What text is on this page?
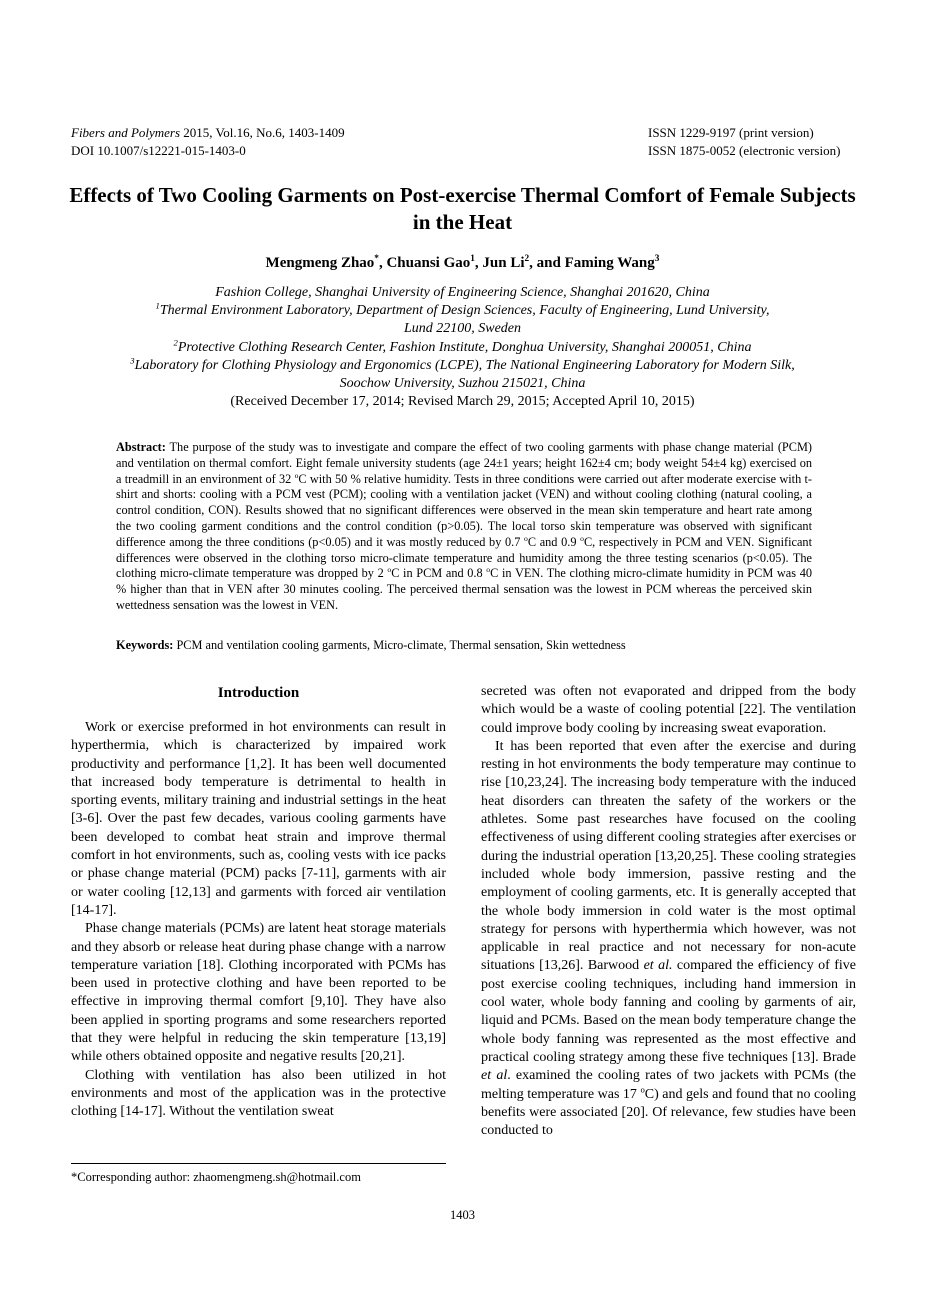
Fibers and Polymers 2015, Vol.16, No.6, 1403-1409
DOI 10.1007/s12221-015-1403-0
ISSN 1229-9197 (print version)
ISSN 1875-0052 (electronic version)
Effects of Two Cooling Garments on Post-exercise Thermal Comfort of Female Subjects in the Heat
Mengmeng Zhao*, Chuansi Gao$^1$, Jun Li$^2$, and Faming Wang$^3$
Fashion College, Shanghai University of Engineering Science, Shanghai 201620, China
$^1$Thermal Environment Laboratory, Department of Design Sciences, Faculty of Engineering, Lund University,
Lund 22100, Sweden
$^2$Protective Clothing Research Center, Fashion Institute, Donghua University, Shanghai 200051, China
$^3$Laboratory for Clothing Physiology and Ergonomics (LCPE), The National Engineering Laboratory for Modern Silk,
Soochow University, Suzhou 215021, China
(Received December 17, 2014; Revised March 29, 2015; Accepted April 10, 2015)
Abstract: The purpose of the study was to investigate and compare the effect of two cooling garments with phase change material (PCM) and ventilation on thermal comfort. Eight female university students (age 24±1 years; height 162±4 cm; body weight 54±4 kg) exercised on a treadmill in an environment of 32 $^o$C with 50 % relative humidity. Tests in three conditions were carried out after moderate exercise with t-shirt and shorts: cooling with a PCM vest (PCM); cooling with a ventilation jacket (VEN) and without cooling clothing (natural cooling, a control condition, CON). Results showed that no significant differences were observed in the mean skin temperature and heart rate among the two cooling garment conditions and the control condition (p>0.05). The local torso skin temperature was observed with significant difference among the three conditions (p<0.05) and it was mostly reduced by 0.7 $^o$C and 0.9 $^o$C, respectively in PCM and VEN. Significant differences were observed in the clothing torso micro-climate temperature and humidity among the three testing scenarios (p<0.05). The clothing micro-climate temperature was dropped by 2 $^o$C in PCM and 0.8 $^o$C in VEN. The clothing micro-climate humidity in PCM was 40 % higher than that in VEN after 30 minutes cooling. The perceived thermal sensation was the lowest in PCM whereas the perceived skin wettedness sensation was the lowest in VEN.
Keywords: PCM and ventilation cooling garments, Micro-climate, Thermal sensation, Skin wettedness
Introduction

Work or exercise preformed in hot environments can result in hyperthermia, which is characterized by impaired work productivity and performance [1,2]. It has been well documented that increased body temperature is detrimental to health in sporting events, military training and industrial settings in the heat [3-6]. Over the past few decades, various cooling garments have been developed to combat heat strain and improve thermal comfort in hot environments, such as, cooling vests with ice packs or phase change material (PCM) packs [7-11], garments with air or water cooling [12,13] and garments with forced air ventilation [14-17].

Phase change materials (PCMs) are latent heat storage materials and they absorb or release heat during phase change with a narrow temperature variation [18]. Clothing incorporated with PCMs has been used in protective clothing and have been reported to be effective in improving thermal comfort [9,10]. They have also been applied in sporting programs and some researchers reported that they were helpful in reducing the skin temperature [13,19] while others obtained opposite and negative results [20,21].

Clothing with ventilation has also been utilized in hot environments and most of the application was in the protective clothing [14-17]. Without the ventilation sweat

secreted was often not evaporated and dripped from the body which would be a waste of cooling potential [22]. The ventilation could improve body cooling by increasing sweat evaporation.

It has been reported that even after the exercise and during resting in hot environments the body temperature may continue to rise [10,23,24]. The increasing body temperature with the induced heat disorders can threaten the safety of the workers or the athletes. Some past researches have focused on the cooling effectiveness of using different cooling strategies after exercises or during the industrial operation [13,20,25]. These cooling strategies included whole body immersion, passive resting and the employment of cooling garments, etc. It is generally accepted that the whole body immersion in cold water is the most optimal strategy for persons with hyperthermia which however, was not applicable in real practice and not necessary for non-acute situations [13,26]. Barwood et al. compared the efficiency of five post exercise cooling techniques, including hand immersion in cool water, whole body fanning and cooling by garments of air, liquid and PCMs. Based on the mean body temperature change the whole body fanning was represented as the most effective and practical cooling strategy among these five techniques [13]. Brade et al. examined the cooling rates of two jackets with PCMs (the melting temperature was 17 $^o$C) and gels and found that no cooling benefits were associated [20]. Of relevance, few studies have been conducted to

*Corresponding author: zhaomengmeng.sh@hotmail.com
1403
